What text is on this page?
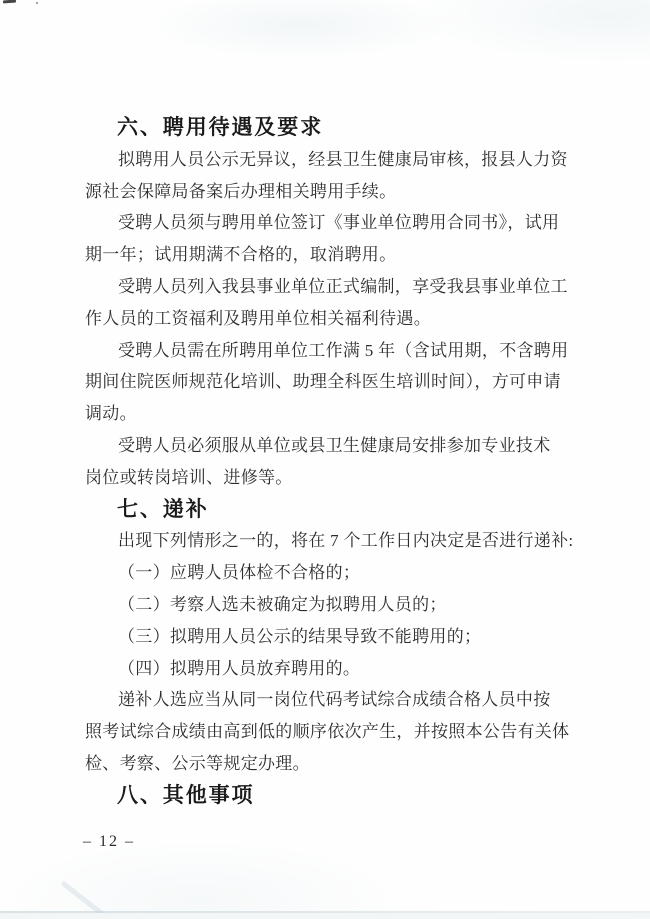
六、聘用待遇及要求
拟聘用人员公示无异议，经县卫生健康局审核，报县人力资
源社会保障局备案后办理相关聘用手续。
受聘人员须与聘用单位签订《事业单位聘用合同书》，试用
期一年；试用期满不合格的，取消聘用。
受聘人员列入我县事业单位正式编制，享受我县事业单位工
作人员的工资福利及聘用单位相关福利待遇。
受聘人员需在所聘用单位工作满 5 年（含试用期，不含聘用
期间住院医师规范化培训、助理全科医生培训时间），方可申请
调动。
受聘人员必须服从单位或县卫生健康局安排参加专业技术
岗位或转岗培训、进修等。
七、递补
出现下列情形之一的，将在 7 个工作日内决定是否进行递补:
（一）应聘人员体检不合格的；
（二）考察人选未被确定为拟聘用人员的；
（三）拟聘用人员公示的结果导致不能聘用的；
（四）拟聘用人员放弃聘用的。
递补人选应当从同一岗位代码考试综合成绩合格人员中按
照考试综合成绩由高到低的顺序依次产生，并按照本公告有关体
检、考察、公示等规定办理。
八、其他事项
– 12 –
